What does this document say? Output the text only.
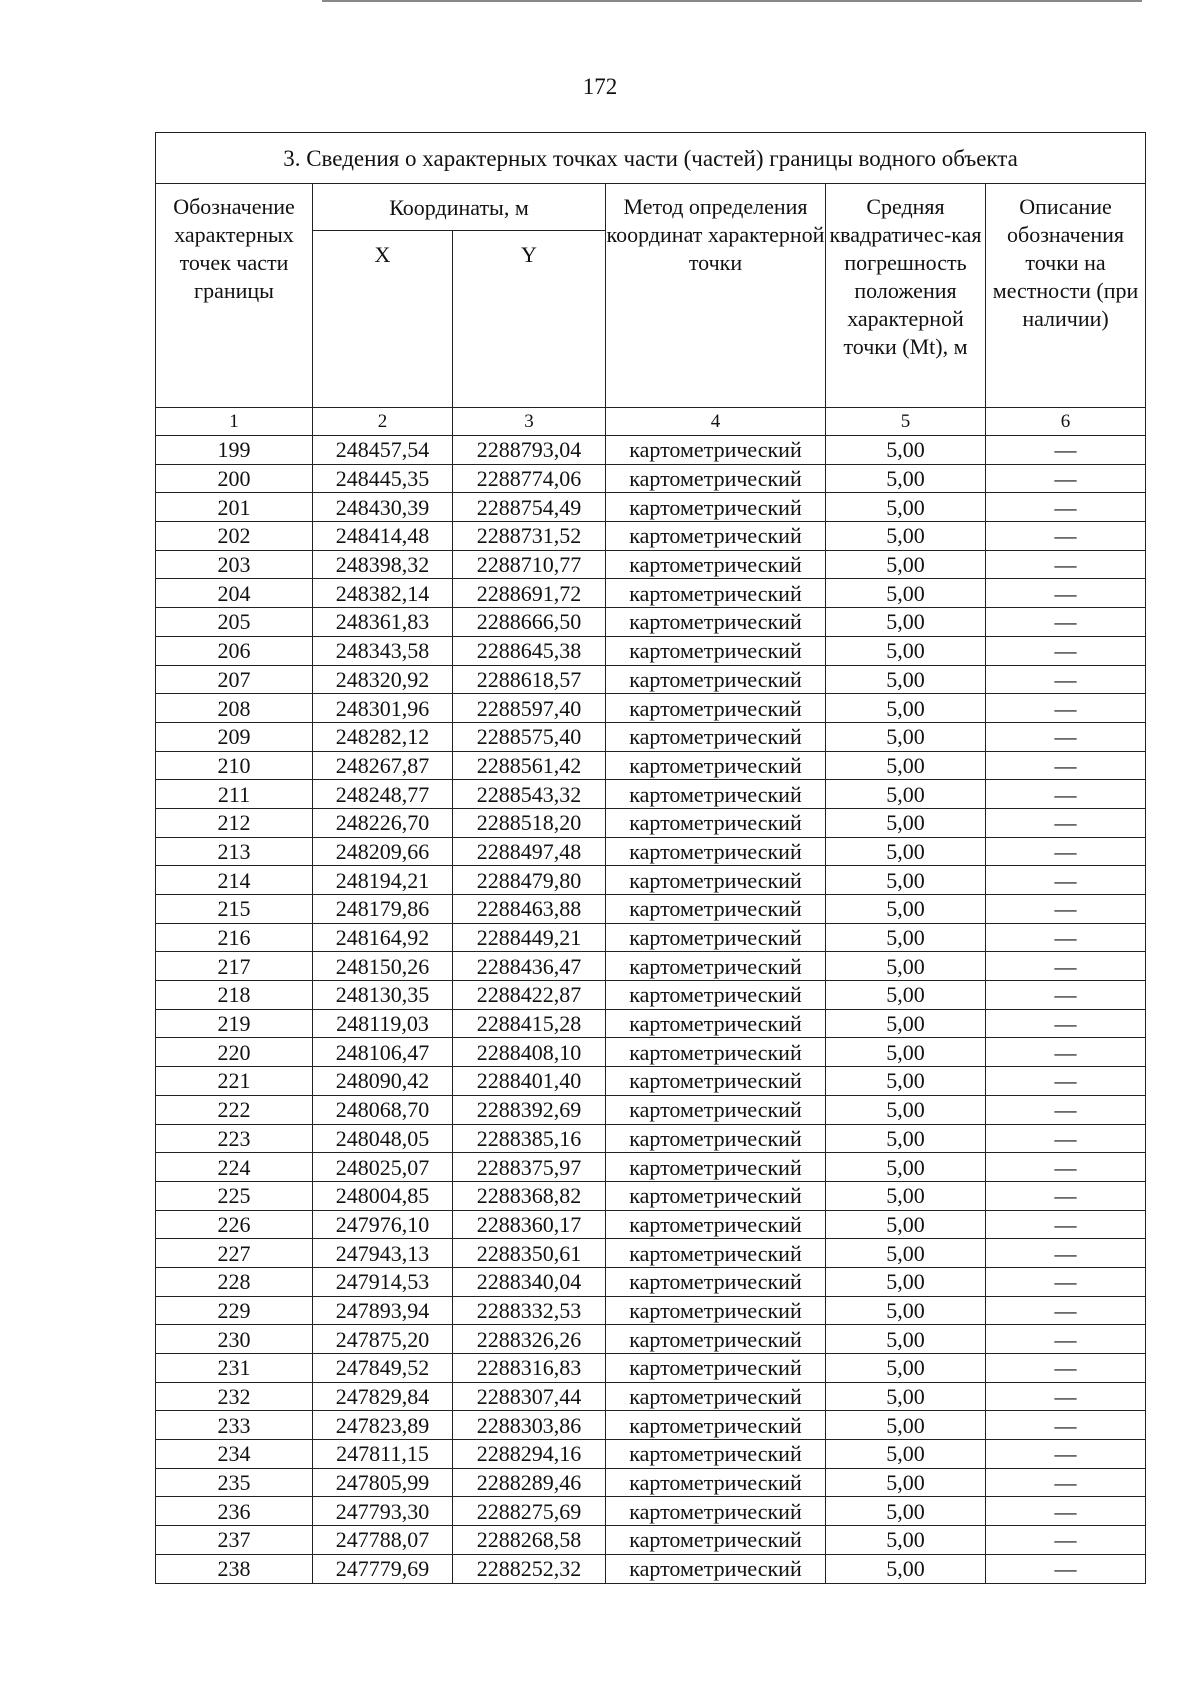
172
3. Сведения о характерных точках части (частей) границы водного объекта					
Обозначение характерных точек части границы	Координаты, м		Метод определения координат характерной точки	Средняя квадратичес-кая погрешность положения характерной точки (Mt), м	Описание обозначения точки на местности (при наличии)
	X	Y			
1	2	3	4	5	6
199	248457,54	2288793,04	картометрический	5,00	—
200	248445,35	2288774,06	картометрический	5,00	—
201	248430,39	2288754,49	картометрический	5,00	—
202	248414,48	2288731,52	картометрический	5,00	—
203	248398,32	2288710,77	картометрический	5,00	—
204	248382,14	2288691,72	картометрический	5,00	—
205	248361,83	2288666,50	картометрический	5,00	—
206	248343,58	2288645,38	картометрический	5,00	—
207	248320,92	2288618,57	картометрический	5,00	—
208	248301,96	2288597,40	картометрический	5,00	—
209	248282,12	2288575,40	картометрический	5,00	—
210	248267,87	2288561,42	картометрический	5,00	—
211	248248,77	2288543,32	картометрический	5,00	—
212	248226,70	2288518,20	картометрический	5,00	—
213	248209,66	2288497,48	картометрический	5,00	—
214	248194,21	2288479,80	картометрический	5,00	—
215	248179,86	2288463,88	картометрический	5,00	—
216	248164,92	2288449,21	картометрический	5,00	—
217	248150,26	2288436,47	картометрический	5,00	—
218	248130,35	2288422,87	картометрический	5,00	—
219	248119,03	2288415,28	картометрический	5,00	—
220	248106,47	2288408,10	картометрический	5,00	—
221	248090,42	2288401,40	картометрический	5,00	—
222	248068,70	2288392,69	картометрический	5,00	—
223	248048,05	2288385,16	картометрический	5,00	—
224	248025,07	2288375,97	картометрический	5,00	—
225	248004,85	2288368,82	картометрический	5,00	—
226	247976,10	2288360,17	картометрический	5,00	—
227	247943,13	2288350,61	картометрический	5,00	—
228	247914,53	2288340,04	картометрический	5,00	—
229	247893,94	2288332,53	картометрический	5,00	—
230	247875,20	2288326,26	картометрический	5,00	—
231	247849,52	2288316,83	картометрический	5,00	—
232	247829,84	2288307,44	картометрический	5,00	—
233	247823,89	2288303,86	картометрический	5,00	—
234	247811,15	2288294,16	картометрический	5,00	—
235	247805,99	2288289,46	картометрический	5,00	—
236	247793,30	2288275,69	картометрический	5,00	—
237	247788,07	2288268,58	картометрический	5,00	—
238	247779,69	2288252,32	картометрический	5,00	—
